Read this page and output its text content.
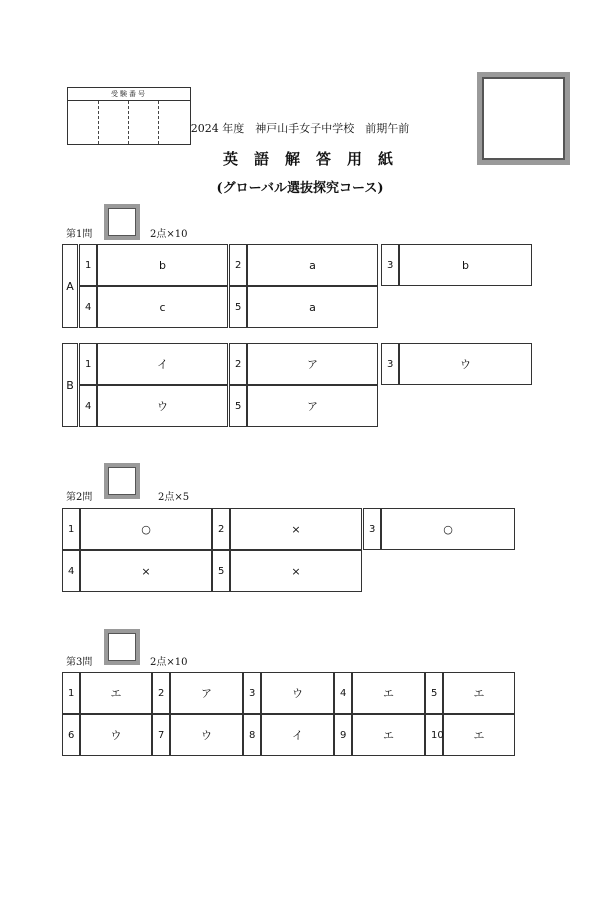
受験番号
2024 年度　神戸山手女子中学校　前期午前
英語解答用紙
(グローバル選抜探究コース)
第1問	2点×10
A
1	b	2	a	3	b
4	c	5	a
B
1	イ	2	ア	3	ウ
4	ウ	5	ア
第2問	2点×5
1	○	2	×	3	○
4	×	5	×
第3問	2点×10
1	エ	2	ア	3	ウ	4	エ	5	エ
6	ウ	7	ウ	8	イ	9	エ	10	エ
